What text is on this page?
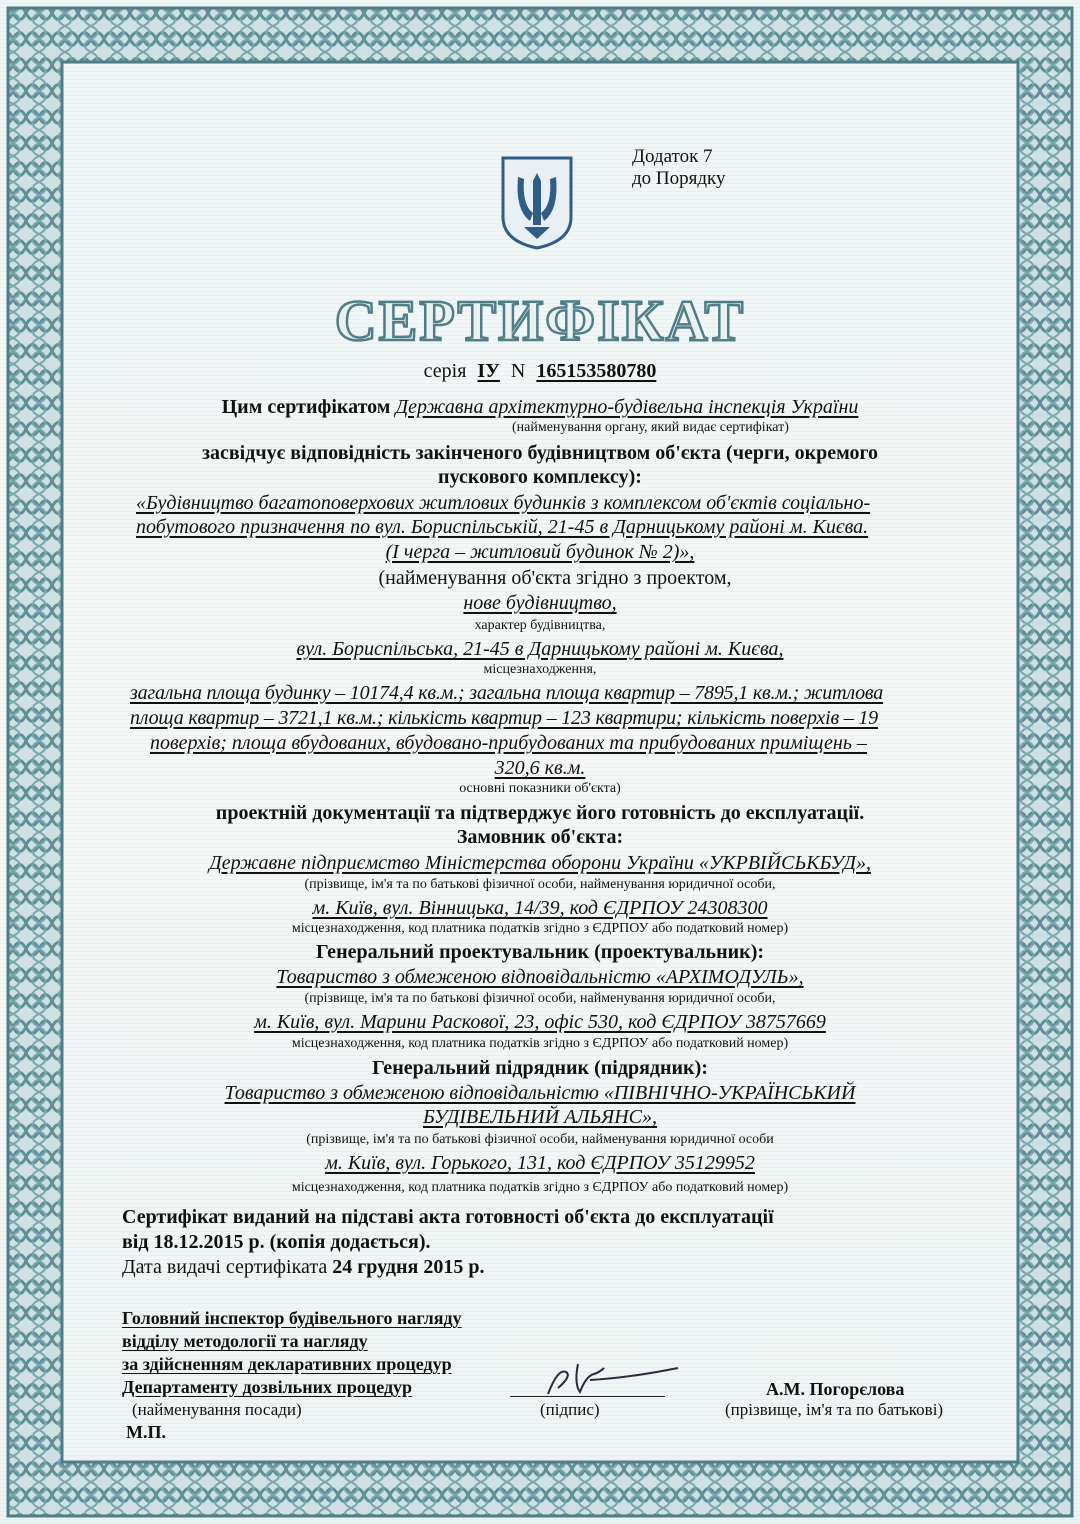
Додаток 7
до Порядку
СЕРТИФІКАТ
серія ІУ N 165153580780
Цим сертифікатом Державна архітектурно-будівельна інспекція України
(найменування органу, який видає сертифікат)
засвідчує відповідність закінченого будівництвом об'єкта (черги, окремого
пускового комплексу):
«Будівництво багатоповерхових житлових будинків з комплексом об'єктів соціально-
побутового призначення по вул. Бориспільській, 21-45 в Дарницькому районі м. Києва.
(І черга – житловий будинок № 2)»,
(найменування об'єкта згідно з проектом,
нове будівництво,
характер будівництва,
вул. Бориспільська, 21-45 в Дарницькому районі м. Києва,
місцезнаходження,
загальна площа будинку – 10174,4 кв.м.; загальна площа квартир – 7895,1 кв.м.; житлова
площа квартир – 3721,1 кв.м.; кількість квартир – 123 квартири; кількість поверхів – 19
поверхів; площа вбудованих, вбудовано-прибудованих та прибудованих приміщень –
320,6 кв.м.
основні показники об'єкта)
проектній документації та підтверджує його готовність до експлуатації.
Замовник об'єкта:
Державне підприємство Міністерства оборони України «УКРВІЙСЬКБУД»,
(прізвище, ім'я та по батькові фізичної особи, найменування юридичної особи,
м. Київ, вул. Вінницька, 14/39, код ЄДРПОУ 24308300
місцезнаходження, код платника податків згідно з ЄДРПОУ або податковий номер)
Генеральний проектувальник (проектувальник):
Товариство з обмеженою відповідальністю «АРХІМОДУЛЬ»,
(прізвище, ім'я та по батькові фізичної особи, найменування юридичної особи,
м. Київ, вул. Марини Раскової, 23, офіс 530, код ЄДРПОУ 38757669
місцезнаходження, код платника податків згідно з ЄДРПОУ або податковий номер)
Генеральний підрядник (підрядник):
Товариство з обмеженою відповідальністю «ПІВНІЧНО-УКРАЇНСЬКИЙ
БУДІВЕЛЬНИЙ АЛЬЯНС»,
(прізвище, ім'я та по батькові фізичної особи, найменування юридичної особи
м. Київ, вул. Горького, 131, код ЄДРПОУ 35129952
місцезнаходження, код платника податків згідно з ЄДРПОУ або податковий номер)
Сертифікат виданий на підставі акта готовності об'єкта до експлуатації
від 18.12.2015 р. (копія додається).
Дата видачі сертифіката 24 грудня 2015 р.
Головний інспектор будівельного нагляду
відділу методології та нагляду
за здійсненням декларативних процедур
Департаменту дозвільних процедур
(найменування посади)	(підпис)
А.М. Погорєлова
(прізвище, ім'я та по батькові)
М.П.
